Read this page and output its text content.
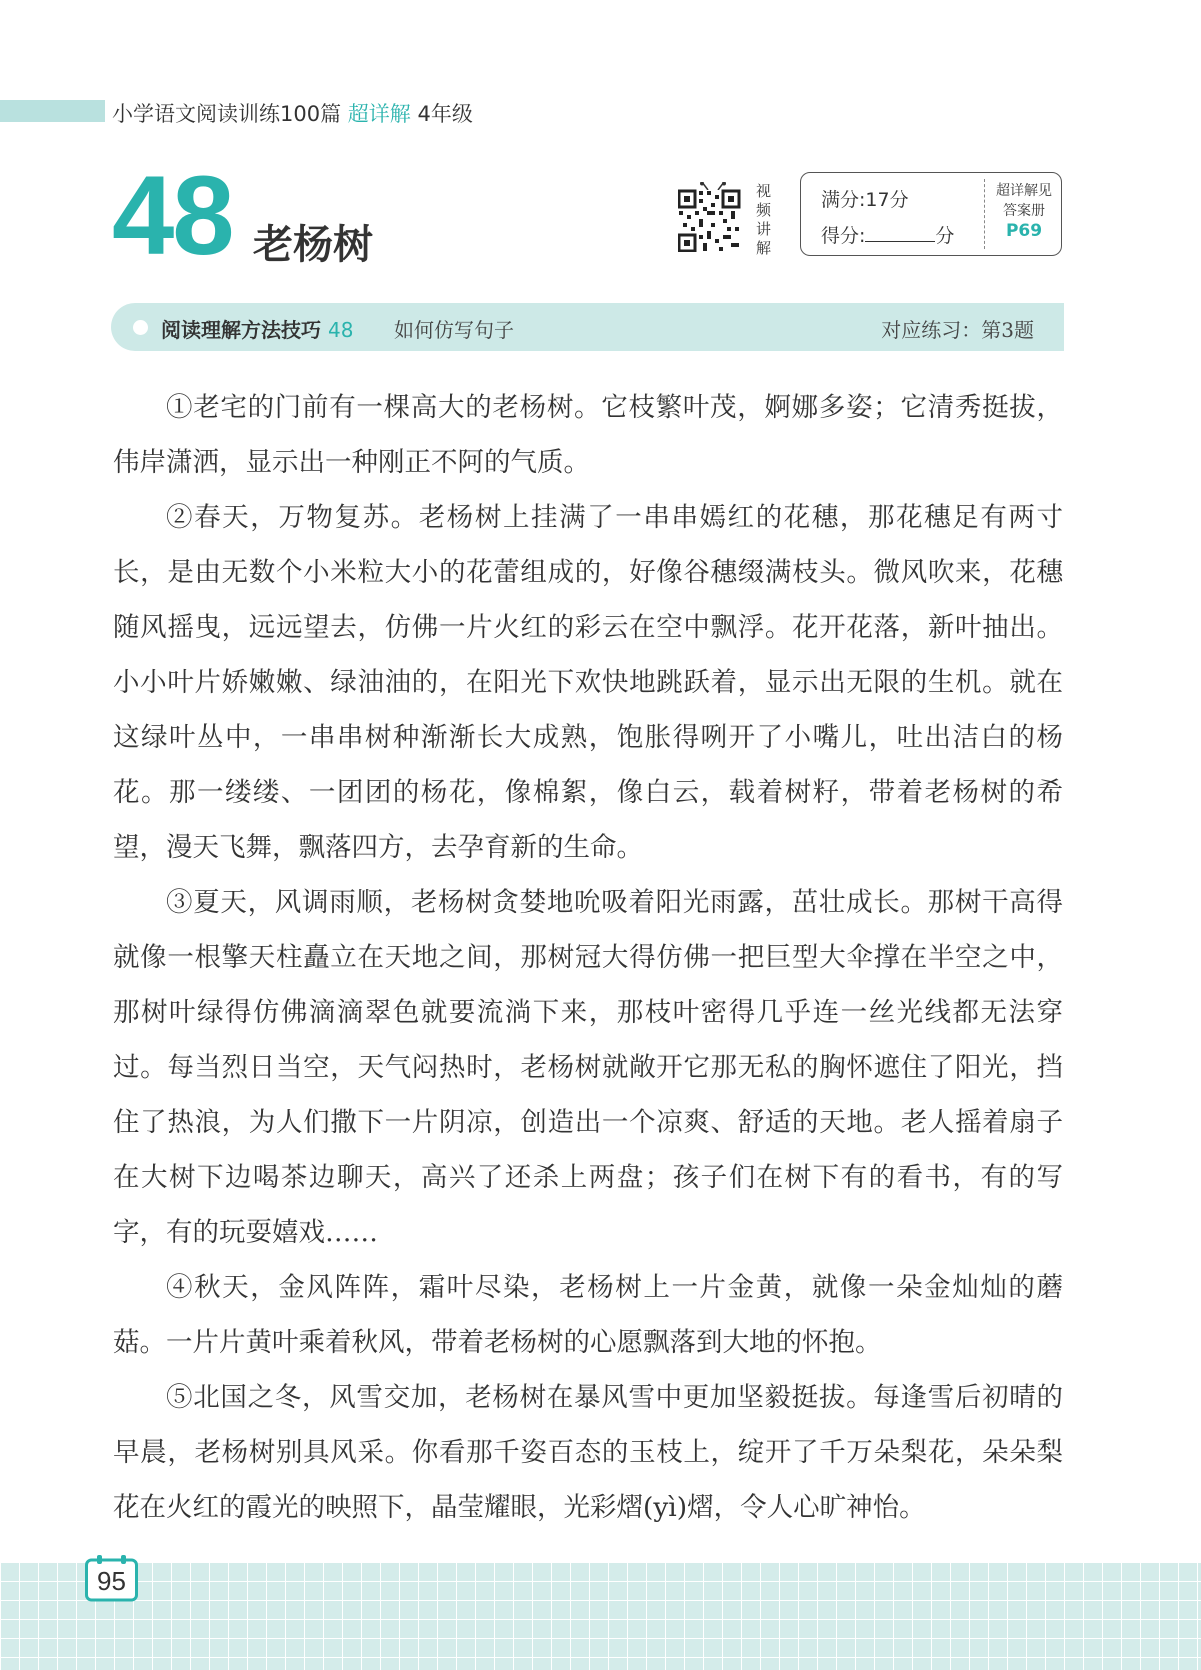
小学语文阅读训练100篇 超详解 4年级
48 老杨树
视
频
讲
解
满分:17分
得分:	分
超详解见
答案册
P69
阅读理解方法技巧 48 如何仿写句子	对应练习：第3题

①老宅的门前有一棵高大的老杨树。它枝繁叶茂，婀娜多姿；它清秀挺拔，伟岸潇洒，显示出一种刚正不阿的气质。

②春天，万物复苏。老杨树上挂满了一串串嫣红的花穗，那花穗足有两寸长，是由无数个小米粒大小的花蕾组成的，好像谷穗缀满枝头。微风吹来，花穗随风摇曳，远远望去，仿佛一片火红的彩云在空中飘浮。花开花落，新叶抽出。小小叶片娇嫩嫩、绿油油的，在阳光下欢快地跳跃着，显示出无限的生机。就在这绿叶丛中，一串串树种渐渐长大成熟，饱胀得咧开了小嘴儿，吐出洁白的杨花。那一缕缕、一团团的杨花，像棉絮，像白云，载着树籽，带着老杨树的希望，漫天飞舞，飘落四方，去孕育新的生命。

③夏天，风调雨顺，老杨树贪婪地吮吸着阳光雨露，茁壮成长。那树干高得就像一根擎天柱矗立在天地之间，那树冠大得仿佛一把巨型大伞撑在半空之中，那树叶绿得仿佛滴滴翠色就要流淌下来，那枝叶密得几乎连一丝光线都无法穿过。每当烈日当空，天气闷热时，老杨树就敞开它那无私的胸怀遮住了阳光，挡住了热浪，为人们撒下一片阴凉，创造出一个凉爽、舒适的天地。老人摇着扇子在大树下边喝茶边聊天，高兴了还杀上两盘；孩子们在树下有的看书，有的写字，有的玩耍嬉戏……

④秋天，金风阵阵，霜叶尽染，老杨树上一片金黄，就像一朵金灿灿的蘑菇。一片片黄叶乘着秋风，带着老杨树的心愿飘落到大地的怀抱。

⑤北国之冬，风雪交加，老杨树在暴风雪中更加坚毅挺拔。每逢雪后初晴的早晨，老杨树别具风采。你看那千姿百态的玉枝上，绽开了千万朵梨花，朵朵梨花在火红的霞光的映照下，晶莹耀眼，光彩熠(yì)熠，令人心旷神怡。

95
